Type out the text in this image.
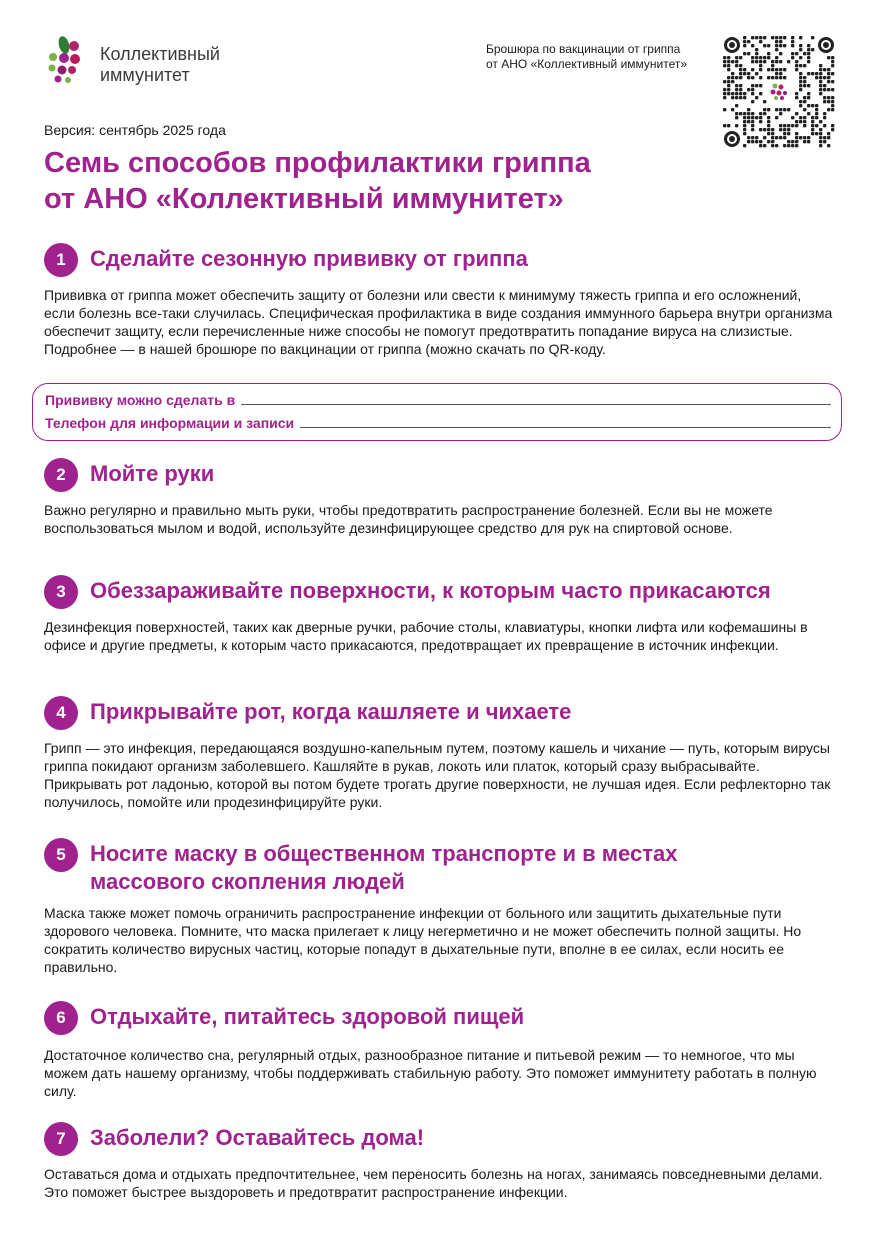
Коллективный
иммунитет
Брошюра по вакцинации от гриппа
от АНО «Коллективный иммунитет»
Версия: сентябрь 2025 года
Семь способов профилактики гриппа
от АНО «Коллективный иммунитет»
1	Сделайте сезонную прививку от гриппа

Прививка от гриппа может обеспечить защиту от болезни или свести к минимуму тяжесть гриппа и его осложнений, если болезнь все-таки случилась. Специфическая профилактика в виде создания иммунного барьера внутри организма обеспечит защиту, если перечисленные ниже способы не помогут предотвратить попадание вируса на слизистые. Подробнее — в нашей брошюре по вакцинации от гриппа (можно скачать по QR-коду.

Прививку можно сделать в
Телефон для информации и записи
2	Мойте руки

Важно регулярно и правильно мыть руки, чтобы предотвратить распространение болезней. Если вы не можете воспользоваться мылом и водой, используйте дезинфицирующее средство для рук на спиртовой основе.

3	Обеззараживайте поверхности, к которым часто прикасаются

Дезинфекция поверхностей, таких как дверные ручки, рабочие столы, клавиатуры, кнопки лифта или кофемашины в офисе и другие предметы, к которым часто прикасаются, предотвращает их превращение в источник инфекции.

4	Прикрывайте рот, когда кашляете и чихаете

Грипп — это инфекция, передающаяся воздушно-капельным путем, поэтому кашель и чихание — путь, которым вирусы гриппа покидают организм заболевшего. Кашляйте в рукав, локоть или платок, который сразу выбрасывайте. Прикрывать рот ладонью, которой вы потом будете трогать другие поверхности, не лучшая идея. Если рефлекторно так получилось, помойте или продезинфицируйте руки.

5	Носите маску в общественном транспорте и в местах массового скопления людей

Маска также может помочь ограничить распространение инфекции от больного или защитить дыхательные пути здорового человека. Помните, что маска прилегает к лицу негерметично и не может обеспечить полной защиты. Но сократить количество вирусных частиц, которые попадут в дыхательные пути, вполне в ее силах, если носить ее правильно.

6	Отдыхайте, питайтесь здоровой пищей

Достаточное количество сна, регулярный отдых, разнообразное питание и питьевой режим — то немногое, что мы можем дать нашему организму, чтобы поддерживать стабильную работу. Это поможет иммунитету работать в полную силу.

7	Заболели? Оставайтесь дома!

Оставаться дома и отдыхать предпочтительнее, чем переносить болезнь на ногах, занимаясь повседневными делами. Это поможет быстрее выздороветь и предотвратит распространение инфекции.
